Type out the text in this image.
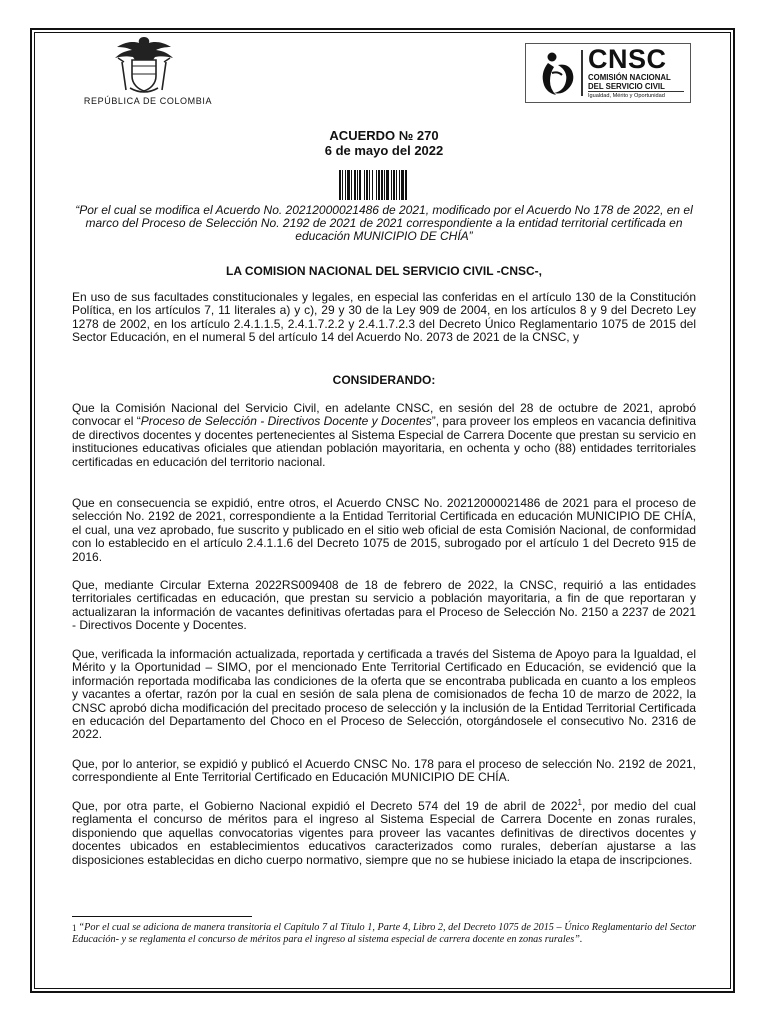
REPÚBLICA DE COLOMBIA
CNSC
COMISIÓN NACIONAL
DEL SERVICIO CIVIL
Igualdad, Mérito y Oportunidad
ACUERDO № 270
6 de mayo del 2022
“Por el cual se modifica el Acuerdo No. 20212000021486 de 2021, modificado por el Acuerdo No 178 de 2022, en el marco del Proceso de Selección No. 2192 de 2021 de 2021 correspondiente a la entidad territorial certificada en educación MUNICIPIO DE CHÍA”
LA COMISION NACIONAL DEL SERVICIO CIVIL -CNSC-,

En uso de sus facultades constitucionales y legales, en especial las conferidas en el artículo 130 de la Constitución Política, en los artículos 7, 11 literales a) y c), 29 y 30 de la Ley 909 de 2004, en los artículos 8 y 9 del Decreto Ley 1278 de 2002, en los artículo 2.4.1.1.5, 2.4.1.7.2.2 y 2.4.1.7.2.3 del Decreto Único Reglamentario 1075 de 2015 del Sector Educación, en el numeral 5 del artículo 14 del Acuerdo No. 2073 de 2021 de la CNSC, y

CONSIDERANDO:

Que la Comisión Nacional del Servicio Civil, en adelante CNSC, en sesión del 28 de octubre de 2021, aprobó convocar el “Proceso de Selección - Directivos Docente y Docentes”, para proveer los empleos en vacancia definitiva de directivos docentes y docentes pertenecientes al Sistema Especial de Carrera Docente que prestan su servicio en instituciones educativas oficiales que atiendan población mayoritaria, en ochenta y ocho (88) entidades territoriales certificadas en educación del territorio nacional.

Que en consecuencia se expidió, entre otros, el Acuerdo CNSC No. 20212000021486 de 2021 para el proceso de selección No. 2192 de 2021, correspondiente a la Entidad Territorial Certificada en educación MUNICIPIO DE CHÍA, el cual, una vez aprobado, fue suscrito y publicado en el sitio web oficial de esta Comisión Nacional, de conformidad con lo establecido en el artículo 2.4.1.1.6 del Decreto 1075 de 2015, subrogado por el artículo 1 del Decreto 915 de 2016.

Que, mediante Circular Externa 2022RS009408 de 18 de febrero de 2022, la CNSC, requirió a las entidades territoriales certificadas en educación, que prestan su servicio a población mayoritaria, a fin de que reportaran y actualizaran la información de vacantes definitivas ofertadas para el Proceso de Selección No. 2150 a 2237 de 2021 - Directivos Docente y Docentes.

Que, verificada la información actualizada, reportada y certificada a través del Sistema de Apoyo para la Igualdad, el Mérito y la Oportunidad – SIMO, por el mencionado Ente Territorial Certificado en Educación, se evidenció que la información reportada modificaba las condiciones de la oferta que se encontraba publicada en cuanto a los empleos y vacantes a ofertar, razón por la cual en sesión de sala plena de comisionados de fecha 10 de marzo de 2022, la CNSC aprobó dicha modificación del precitado proceso de selección y la inclusión de la Entidad Territorial Certificada en educación del Departamento del Choco en el Proceso de Selección, otorgándosele el consecutivo No. 2316 de 2022.

Que, por lo anterior, se expidió y publicó el Acuerdo CNSC No. 178 para el proceso de selección No. 2192 de 2021, correspondiente al Ente Territorial Certificado en Educación MUNICIPIO DE CHÍA.

Que, por otra parte, el Gobierno Nacional expidió el Decreto 574 del 19 de abril de 2022$^1$, por medio del cual reglamenta el concurso de méritos para el ingreso al Sistema Especial de Carrera Docente en zonas rurales, disponiendo que aquellas convocatorias vigentes para proveer las vacantes definitivas de directivos docentes y docentes ubicados en establecimientos educativos caracterizados como rurales, deberían ajustarse a las disposiciones establecidas en dicho cuerpo normativo, siempre que no se hubiese iniciado la etapa de inscripciones.

1 “Por el cual se adiciona de manera transitoria el Capítulo 7 al Título 1, Parte 4, Libro 2, del Decreto 1075 de 2015 – Único Reglamentario del Sector Educación- y se reglamenta el concurso de méritos para el ingreso al sistema especial de carrera docente en zonas rurales”.
